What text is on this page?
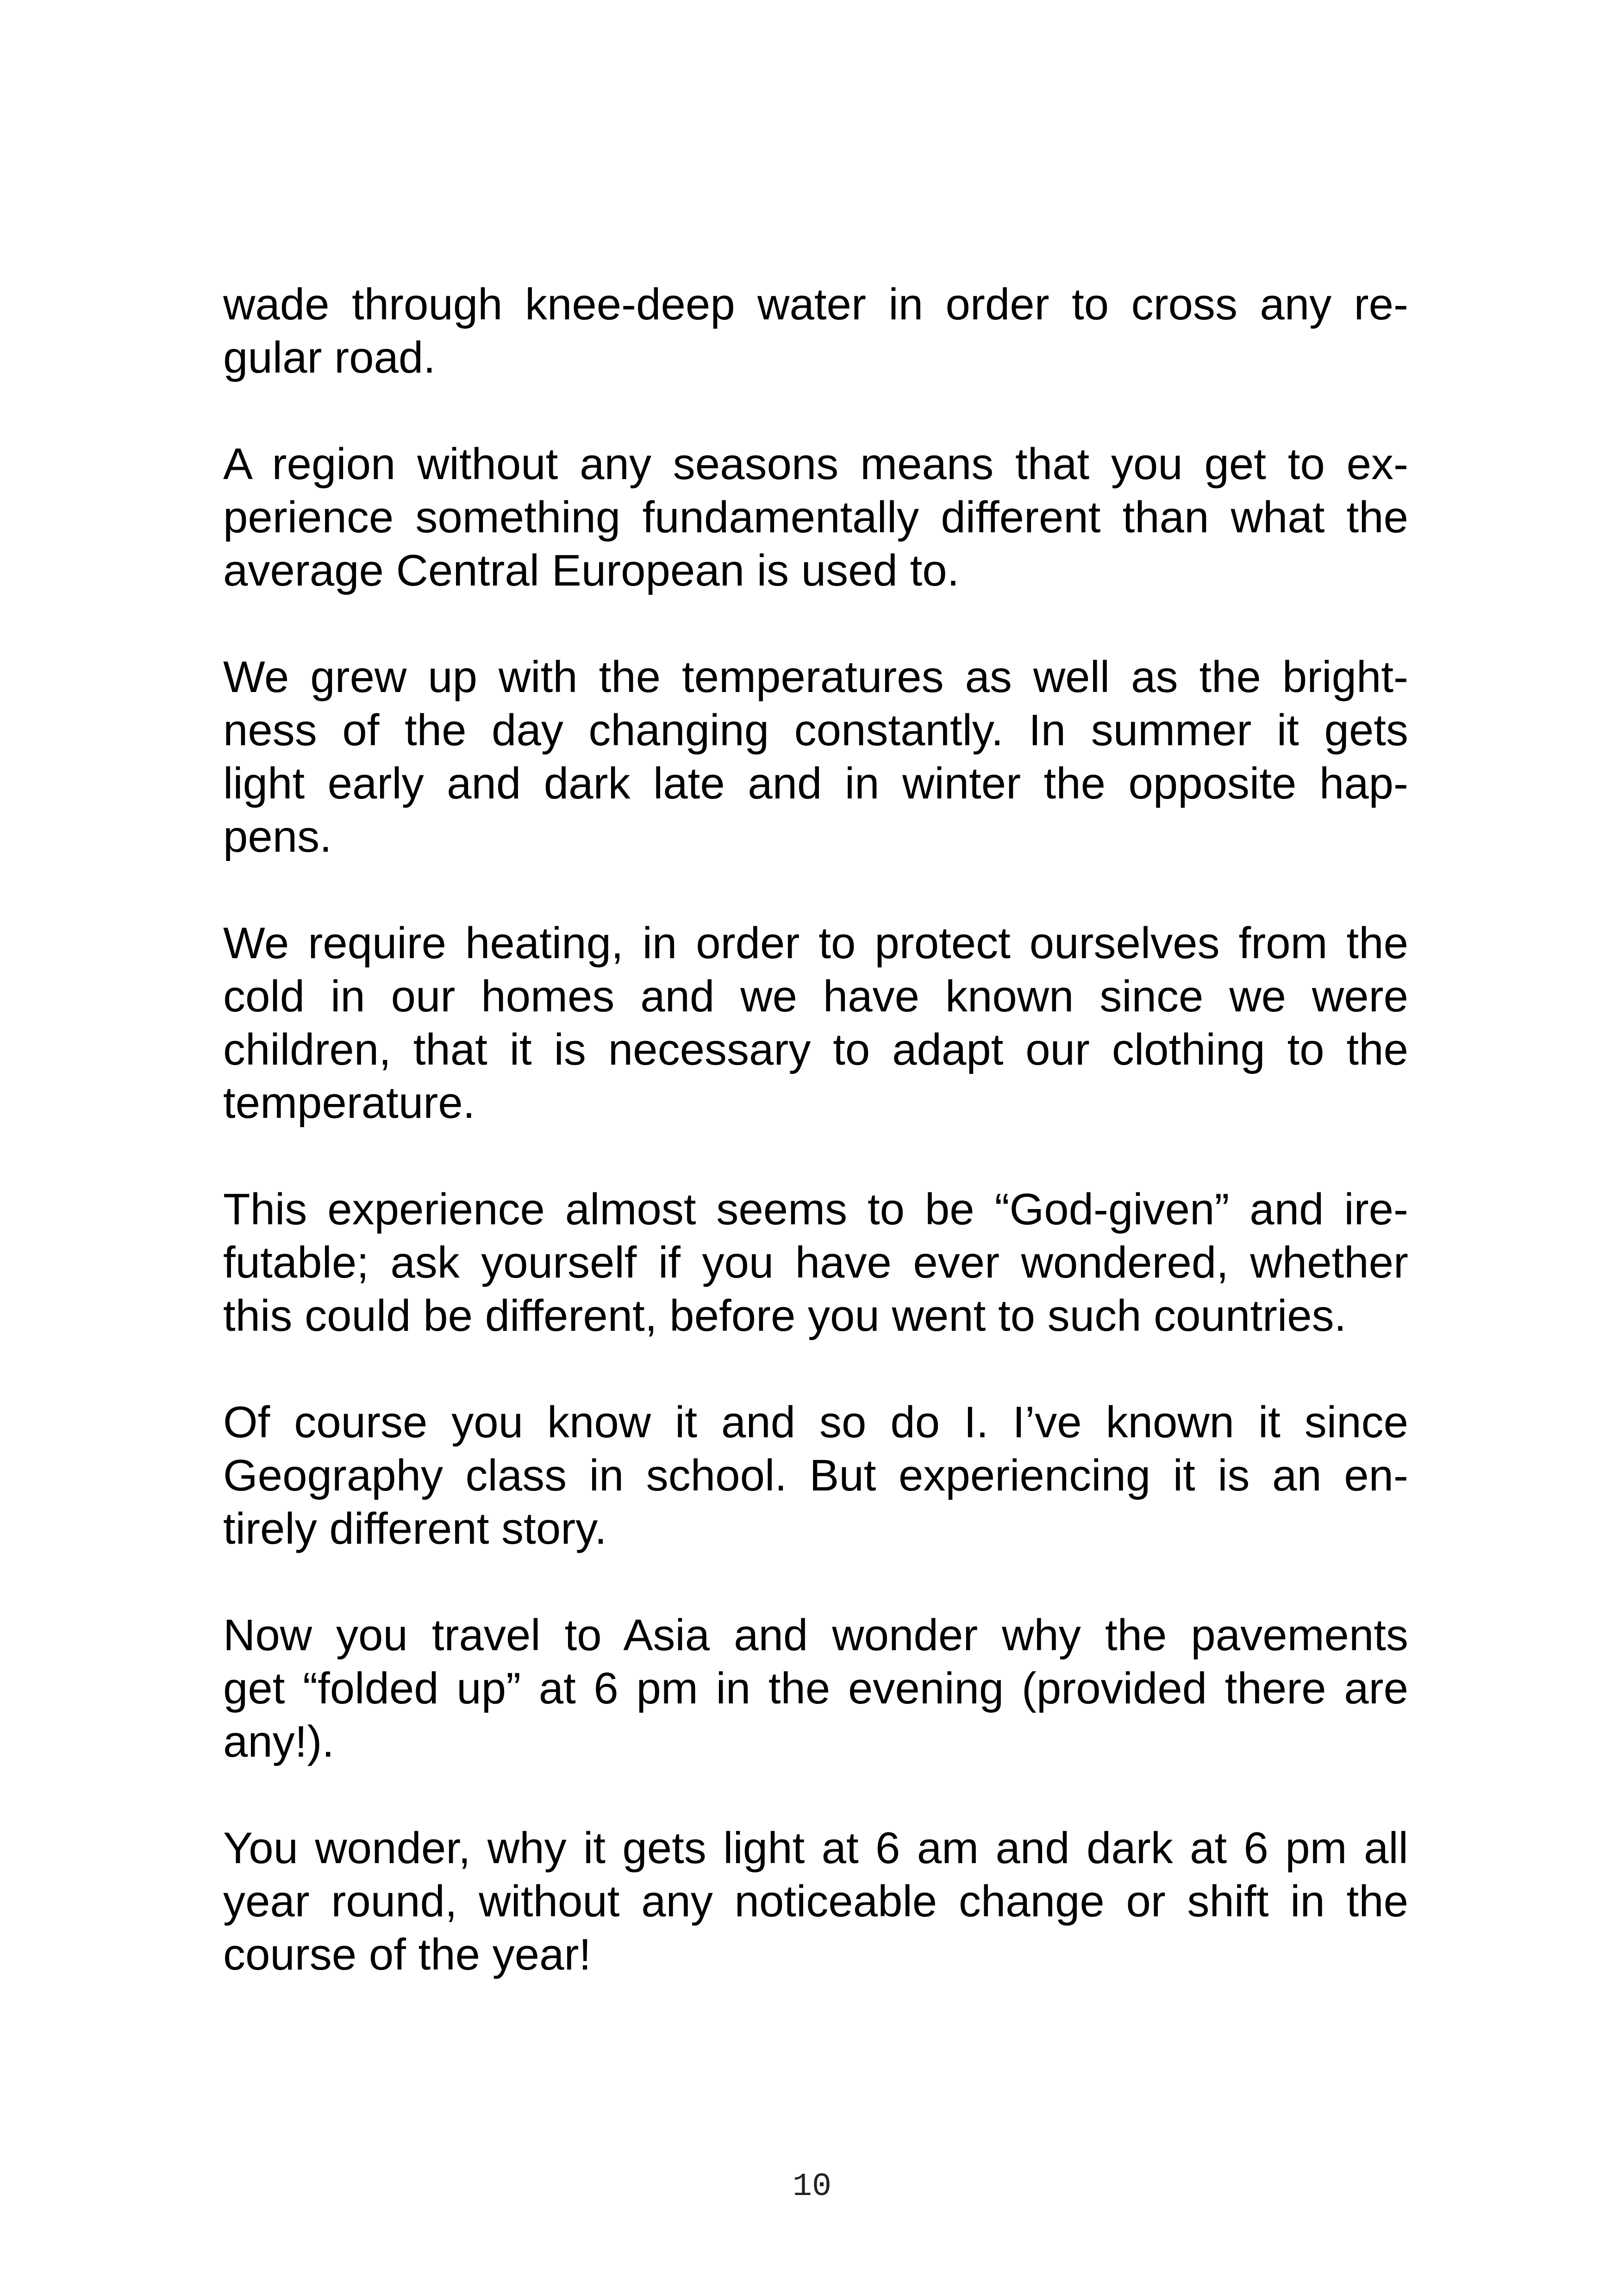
wade through knee-deep water in order to cross any re-
gular road.
A region without any seasons means that you get to ex-
perience something fundamentally different than what the
average Central European is used to.
We grew up with the temperatures as well as the bright-
ness of the day changing constantly. In summer it gets
light early and dark late and in winter the opposite hap-
pens.
We require heating, in order to protect ourselves from the
cold in our homes and we have known since we were
children, that it is necessary to adapt our clothing to the
temperature.
This experience almost seems to be “God-given” and ire-
futable; ask yourself if you have ever wondered, whether
this could be different, before you went to such countries.
Of course you know it and so do I. I’ve known it since
Geography class in school. But experiencing it is an en-
tirely different story.
Now you travel to Asia and wonder why the pavements
get “folded up” at 6 pm in the evening (provided there are
any!).
You wonder, why it gets light at 6 am and dark at 6 pm all
year round, without any noticeable change or shift in the
course of the year!
10
